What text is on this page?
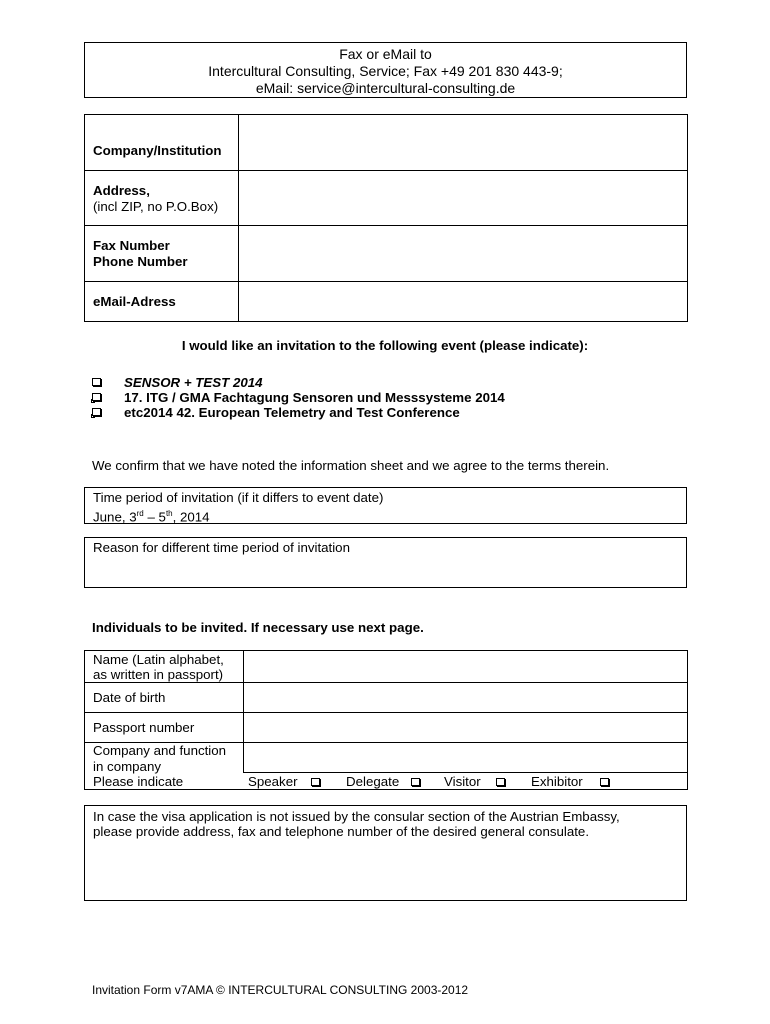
Fax or eMail to
Intercultural Consulting, Service; Fax +49 201 830 443-9;
eMail: service@intercultural-consulting.de
Company/Institution
Address,
(incl ZIP, no P.O.Box)
Fax Number
Phone Number
eMail-Adress
I would like an invitation to the following event (please indicate):
SENSOR + TEST 2014
17. ITG / GMA Fachtagung Sensoren und Messsysteme 2014
etc2014 42. European Telemetry and Test Conference
We confirm that we have noted the information sheet and we agree to the terms therein.
Time period of invitation (if it differs to event date)
June, 3rd – 5th, 2014
Reason for different time period of invitation
Individuals to be invited. If necessary use next page.
Name (Latin alphabet,
as written in passport)
Date of birth
Passport number
Company and function
in company
Please indicate	Speaker	Delegate	Visitor	Exhibitor
In case the visa application is not issued by the consular section of the Austrian Embassy,
please provide address, fax and telephone number of the desired general consulate.
Invitation Form v7AMA © INTERCULTURAL CONSULTING 2003-2012
